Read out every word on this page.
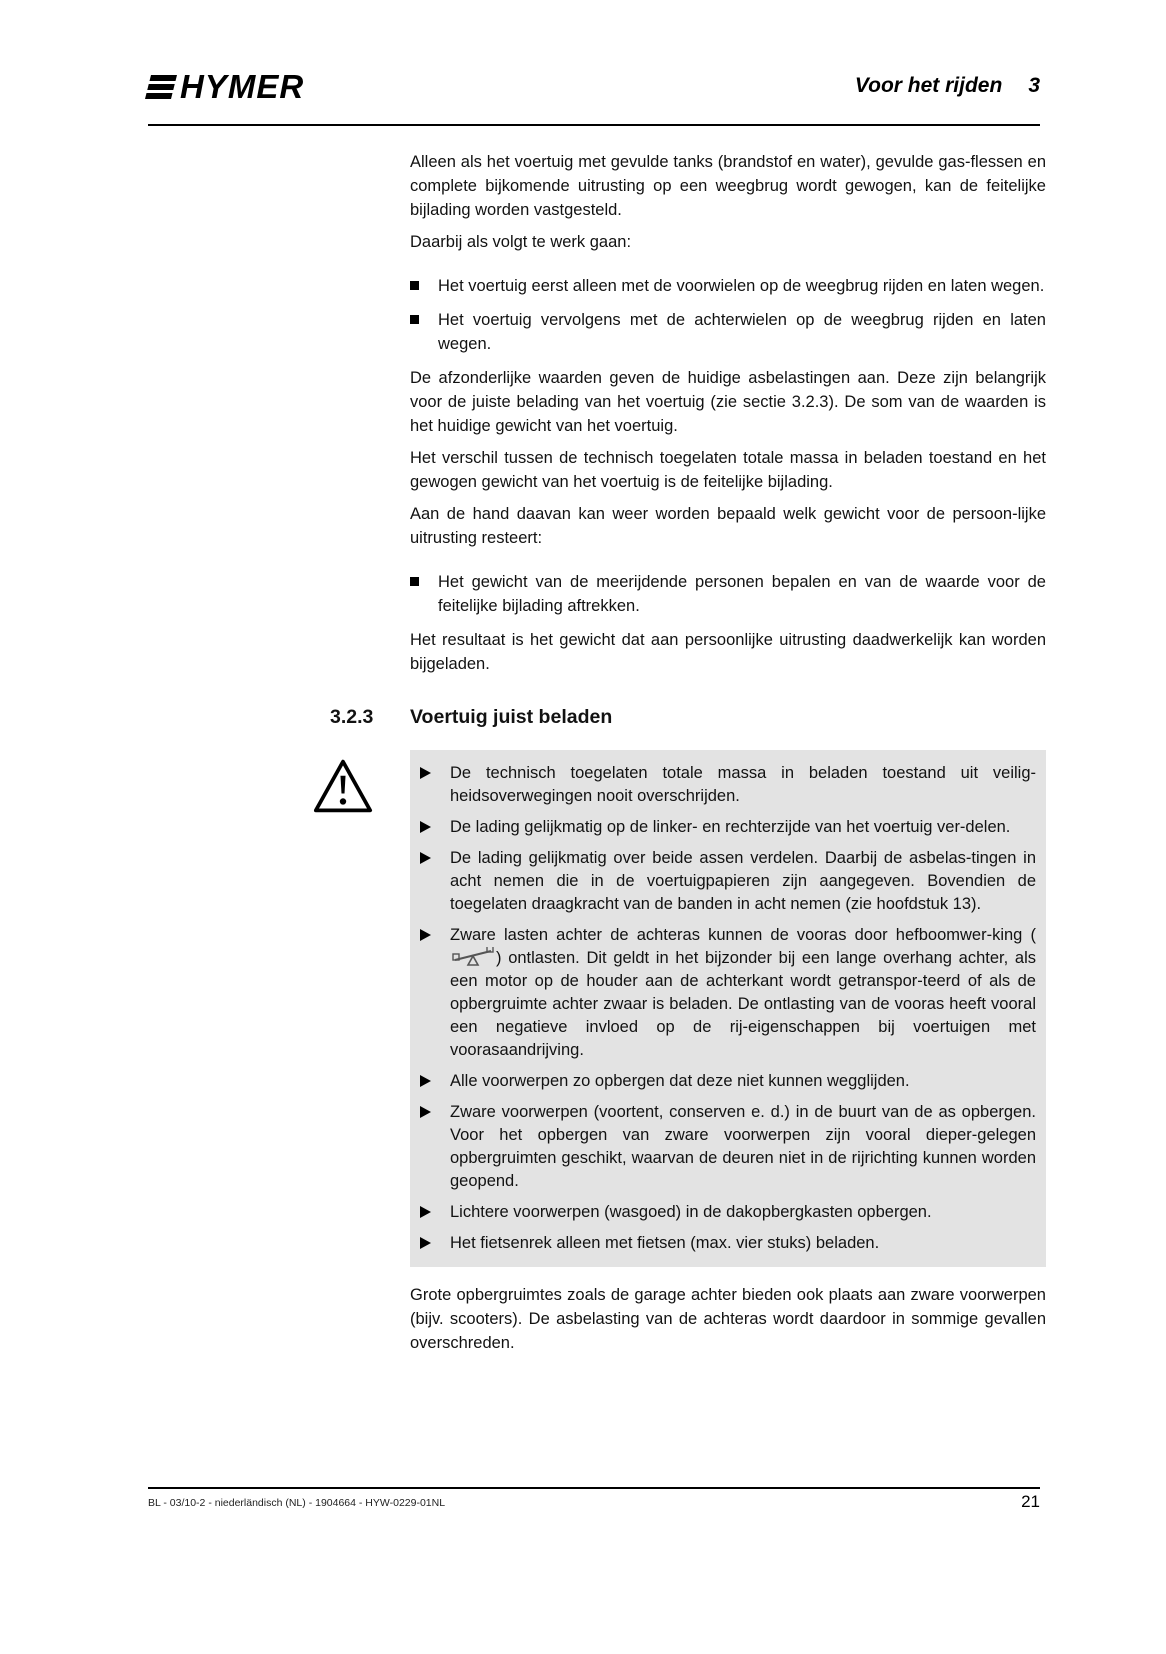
HYMER	Voor het rijden 3

Alleen als het voertuig met gevulde tanks (brandstof en water), gevulde gas-flessen en complete bijkomende uitrusting op een weegbrug wordt gewogen, kan de feitelijke bijlading worden vastgesteld.

Daarbij als volgt te werk gaan:

Het voertuig eerst alleen met de voorwielen op de weegbrug rijden en laten wegen.

Het voertuig vervolgens met de achterwielen op de weegbrug rijden en laten wegen.

De afzonderlijke waarden geven de huidige asbelastingen aan. Deze zijn belangrijk voor de juiste belading van het voertuig (zie sectie 3.2.3). De som van de waarden is het huidige gewicht van het voertuig.

Het verschil tussen de technisch toegelaten totale massa in beladen toestand en het gewogen gewicht van het voertuig is de feitelijke bijlading.

Aan de hand daavan kan weer worden bepaald welk gewicht voor de persoon-lijke uitrusting resteert:

Het gewicht van de meerijdende personen bepalen en van de waarde voor de feitelijke bijlading aftrekken.

Het resultaat is het gewicht dat aan persoonlijke uitrusting daadwerkelijk kan worden bijgeladen.

3.2.3 Voertuig juist beladen

De technisch toegelaten totale massa in beladen toestand uit veilig-heidsoverwegingen nooit overschrijden.

De lading gelijkmatig op de linker- en rechterzijde van het voertuig ver-delen.

De lading gelijkmatig over beide assen verdelen. Daarbij de asbelas-tingen in acht nemen die in de voertuigpapieren zijn aangegeven. Bovendien de toegelaten draagkracht van de banden in acht nemen (zie hoofdstuk 13).

Zware lasten achter de achteras kunnen de vooras door hefboomwer-king () ontlasten. Dit geldt in het bijzonder bij een lange overhang achter, als een motor op de houder aan de achterkant wordt getranspor-teerd of als de opbergruimte achter zwaar is beladen. De ontlasting van de vooras heeft vooral een negatieve invloed op de rij-eigenschappen bij voertuigen met voorasaandrijving.

Alle voorwerpen zo opbergen dat deze niet kunnen wegglijden.

Zware voorwerpen (voortent, conserven e. d.) in de buurt van de as opbergen. Voor het opbergen van zware voorwerpen zijn vooral dieper-gelegen opbergruimten geschikt, waarvan de deuren niet in de rijrichting kunnen worden geopend.

Lichtere voorwerpen (wasgoed) in de dakopbergkasten opbergen.

Het fietsenrek alleen met fietsen (max. vier stuks) beladen.

Grote opbergruimtes zoals de garage achter bieden ook plaats aan zware voorwerpen (bijv. scooters). De asbelasting van de achteras wordt daardoor in sommige gevallen overschreden.

BL - 03/10-2 - niederländisch (NL) - 1904664 - HYW-0229-01NL	21
